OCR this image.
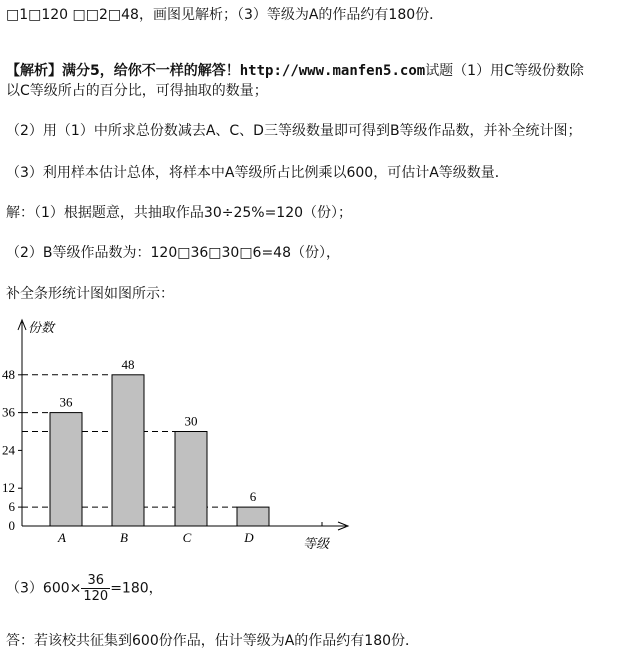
□1□120 □□2□48，画图见解析；（3）等级为A的作品约有180份．
【解析】满分5，给你不一样的解答！http://www.manfen5.com试题（1）用C等级份数除
以C等级所占的百分比，可得抽取的数量；
（2）用（1）中所求总份数减去A、C、D三等级数量即可得到B等级作品数，并补全统计图；
（3）利用样本估计总体，将样本中A等级所占比例乘以600，可估计A等级数量．
解：（1）根据题意，共抽取作品30÷25%=120（份）；
（2）B等级作品数为：120□36□30□6=48（份），
补全条形统计图如图所示：
份数
等级
0
6
12
24
36
48
36
A
48
B
30
C
6
D
$(3)600\times \frac{36}{120} =180$，
答：若该校共征集到600份作品，估计等级为A的作品约有180份．
